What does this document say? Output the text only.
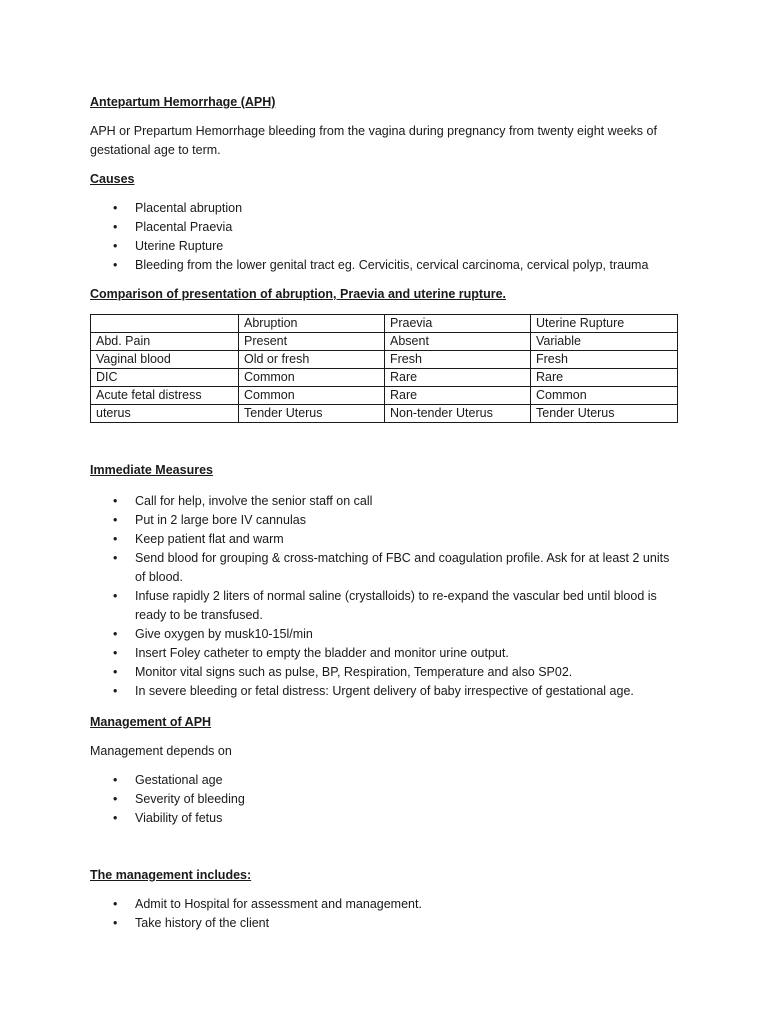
Antepartum Hemorrhage (APH)

APH or Prepartum Hemorrhage bleeding from the vagina during pregnancy from twenty eight weeks of gestational age to term.

Causes

• Placental abruption
• Placental Praevia
• Uterine Rupture
• Bleeding from the lower genital tract eg. Cervicitis, cervical carcinoma, cervical polyp, trauma

Comparison of presentation of abruption, Praevia and uterine rupture.

	Abruption	Praevia	Uterine Rupture
Abd. Pain	Present	Absent	Variable
Vaginal blood	Old or fresh	Fresh	Fresh
DIC	Common	Rare	Rare
Acute fetal distress	Common	Rare	Common
uterus	Tender Uterus	Non-tender Uterus	Tender Uterus

Immediate Measures

• Call for help, involve the senior staff on call
• Put in 2 large bore IV cannulas
• Keep patient flat and warm
• Send blood for grouping & cross-matching of FBC and coagulation profile. Ask for at least 2 units of blood.
• Infuse rapidly 2 liters of normal saline (crystalloids) to re-expand the vascular bed until blood is ready to be transfused.
• Give oxygen by musk10-15l/min
• Insert Foley catheter to empty the bladder and monitor urine output.
• Monitor vital signs such as pulse, BP, Respiration, Temperature and also SP02.
• In severe bleeding or fetal distress: Urgent delivery of baby irrespective of gestational age.

Management of APH

Management depends on

• Gestational age
• Severity of bleeding
• Viability of fetus

The management includes:

• Admit to Hospital for assessment and management.
• Take history of the client
